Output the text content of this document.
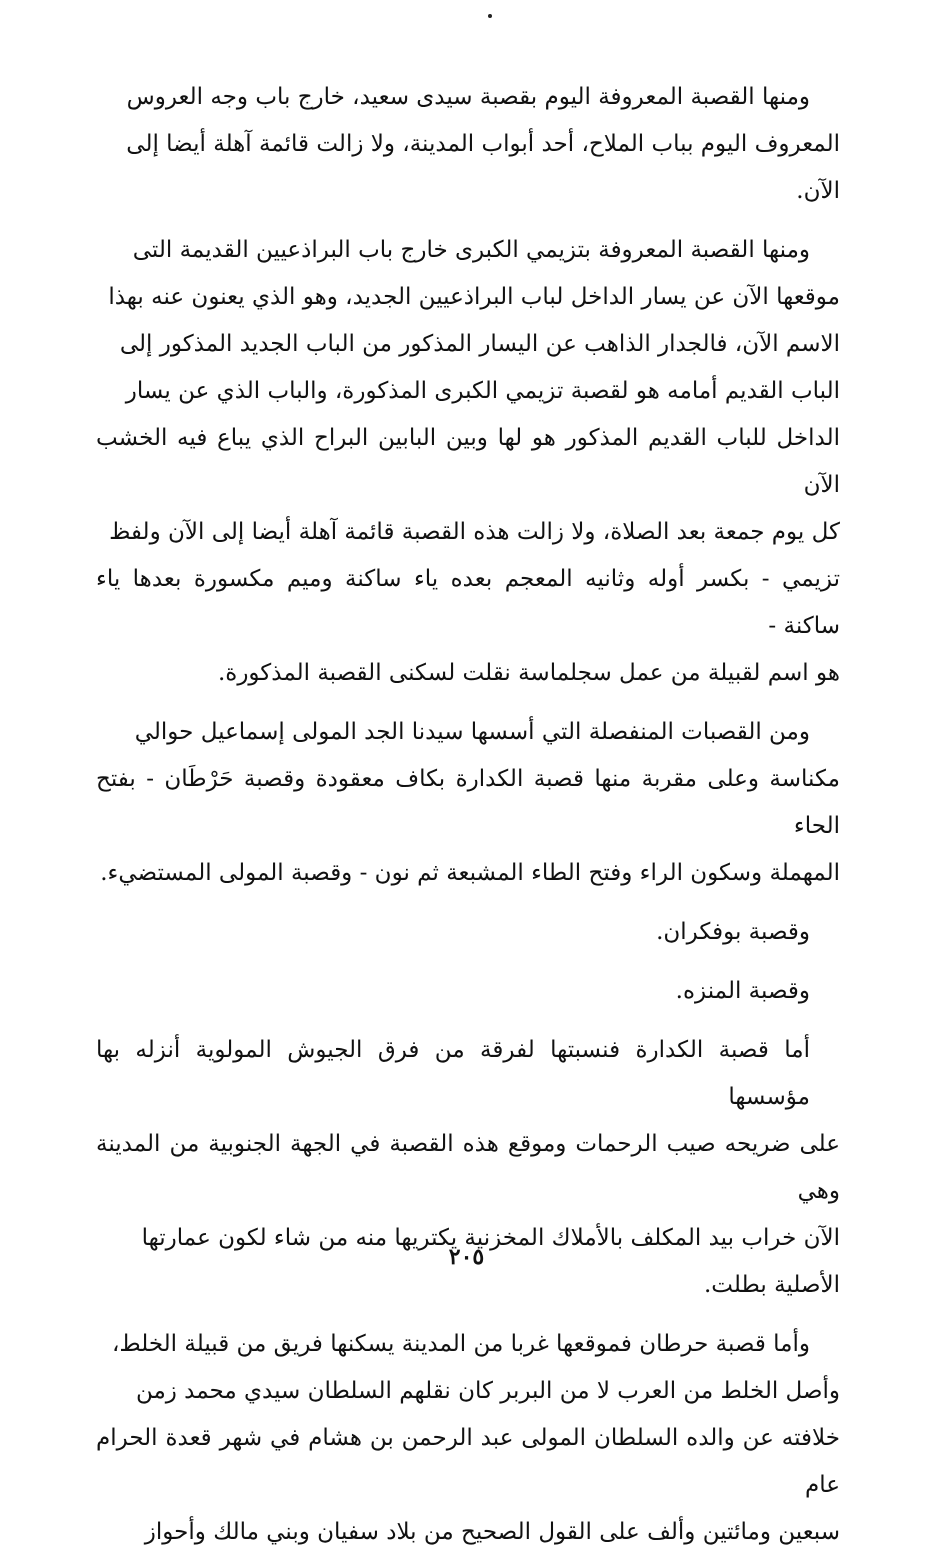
ومنها القصبة المعروفة اليوم بقصبة سيدى سعيد، خارج باب وجه العروس
المعروف اليوم بباب الملاح، أحد أبواب المدينة، ولا زالت قائمة آهلة أيضا إلى
الآن.

ومنها القصبة المعروفة بتزيمي الكبرى خارج باب البراذعيين القديمة التى
موقعها الآن عن يسار الداخل لباب البراذعيين الجديد، وهو الذي يعنون عنه بهذا
الاسم الآن، فالجدار الذاهب عن اليسار المذكور من الباب الجديد المذكور إلى
الباب القديم أمامه هو لقصبة تزيمي الكبرى المذكورة، والباب الذي عن يسار
الداخل للباب القديم المذكور هو لها وبين البابين البراح الذي يباع فيه الخشب الآن
كل يوم جمعة بعد الصلاة، ولا زالت هذه القصبة قائمة آهلة أيضا إلى الآن ولفظ
تزيمي - بكسر أوله وثانيه المعجم بعده ياء ساكنة وميم مكسورة بعدها ياء ساكنة -
هو اسم لقبيلة من عمل سجلماسة نقلت لسكنى القصبة المذكورة.

ومن القصبات المنفصلة التي أسسها سيدنا الجد المولى إسماعيل حوالي
مكناسة وعلى مقربة منها قصبة الكدارة بكاف معقودة وقصبة حَرْطَان - بفتح الحاء
المهملة وسكون الراء وفتح الطاء المشبعة ثم نون - وقصبة المولى المستضيء.

وقصبة بوفكران.

وقصبة المنزه.

أما قصبة الكدارة فنسبتها لفرقة من فرق الجيوش المولوية أنزله بها مؤسسها
على ضريحه صيب الرحمات وموقع هذه القصبة في الجهة الجنوبية من المدينة وهي
الآن خراب بيد المكلف بالأملاك المخزنية يكتريها منه من شاء لكون عمارتها
الأصلية بطلت.

وأما قصبة حرطان فموقعها غربا من المدينة يسكنها فريق من قبيلة الخلط،
وأصل الخلط من العرب لا من البربر كان نقلهم السلطان سيدي محمد زمن
خلافته عن والده السلطان المولى عبد الرحمن بن هشام في شهر قعدة الحرام عام
سبعين ومائتين وألف على القول الصحيح من بلاد سفيان وبني مالك وأحواز

٢٠٥
